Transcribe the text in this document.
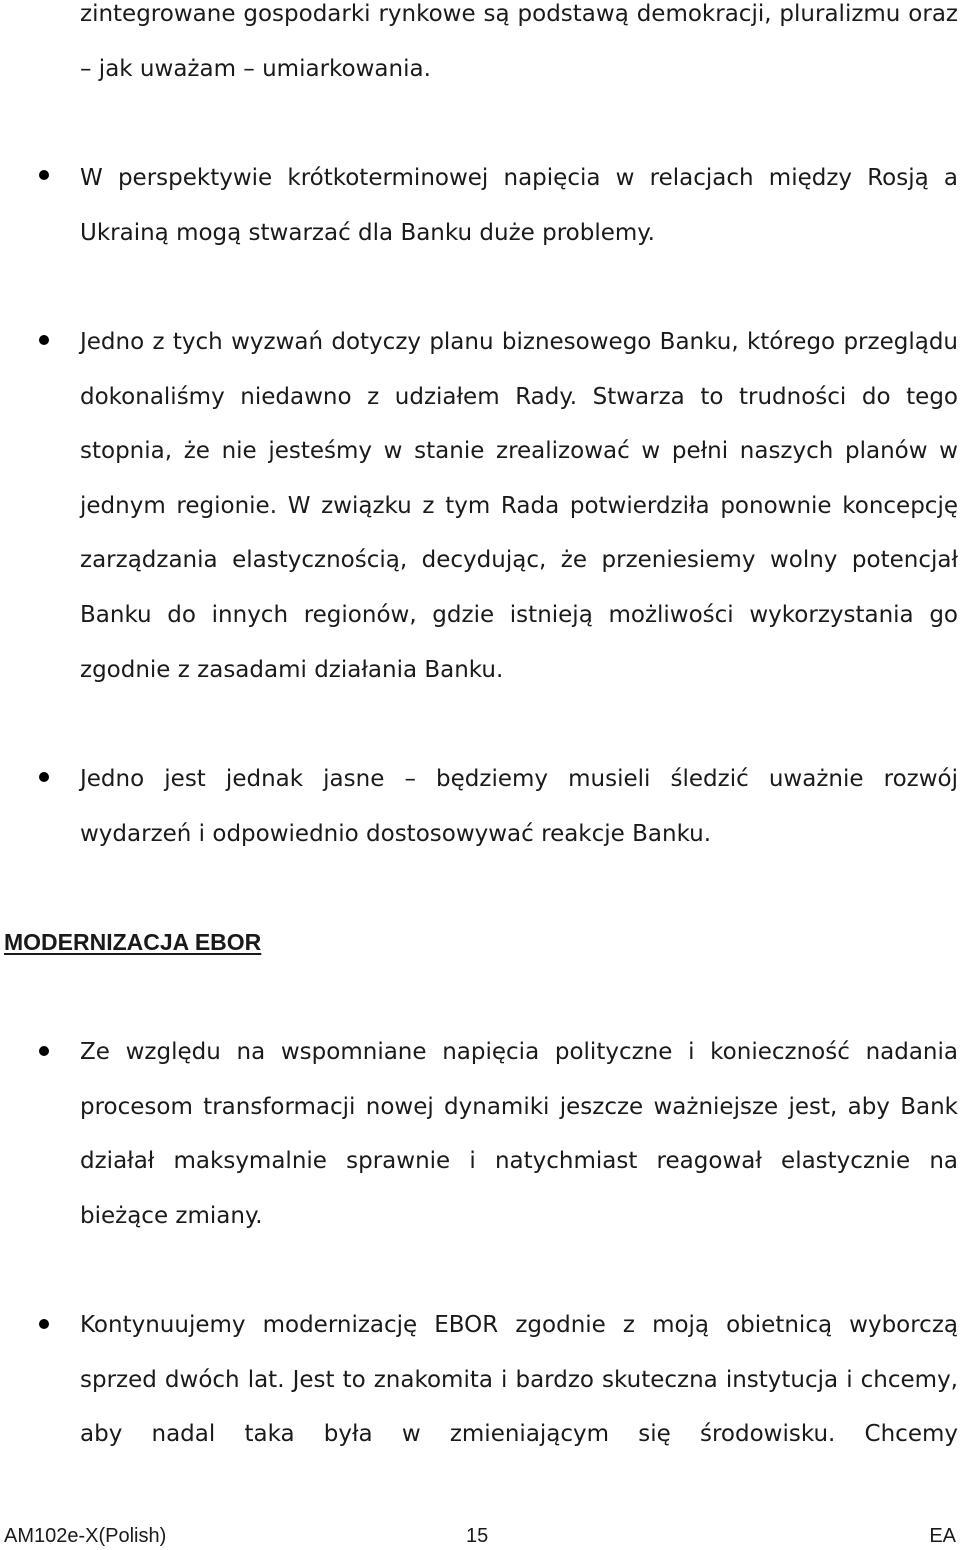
zintegrowane gospodarki rynkowe są podstawą demokracji, pluralizmu oraz – jak uważam – umiarkowania.

W perspektywie krótkoterminowej napięcia w relacjach między Rosją a Ukrainą mogą stwarzać dla Banku duże problemy.

Jedno z tych wyzwań dotyczy planu biznesowego Banku, którego przeglądu dokonaliśmy niedawno z udziałem Rady. Stwarza to trudności do tego stopnia, że nie jesteśmy w stanie zrealizować w pełni naszych planów w jednym regionie. W związku z tym Rada potwierdziła ponownie koncepcję zarządzania elastycznością, decydując, że przeniesiemy wolny potencjał Banku do innych regionów, gdzie istnieją możliwości wykorzystania go zgodnie z zasadami działania Banku.

Jedno jest jednak jasne – będziemy musieli śledzić uważnie rozwój wydarzeń i odpowiednio dostosowywać reakcje Banku.

MODERNIZACJA EBOR

Ze względu na wspomniane napięcia polityczne i konieczność nadania procesom transformacji nowej dynamiki jeszcze ważniejsze jest, aby Bank działał maksymalnie sprawnie i natychmiast reagował elastycznie na bieżące zmiany.

Kontynuujemy modernizację EBOR zgodnie z moją obietnicą wyborczą sprzed dwóch lat. Jest to znakomita i bardzo skuteczna instytucja i chcemy, aby nadal taka była w zmieniającym się środowisku. Chcemy

AM102e-X(Polish)	15	EA
